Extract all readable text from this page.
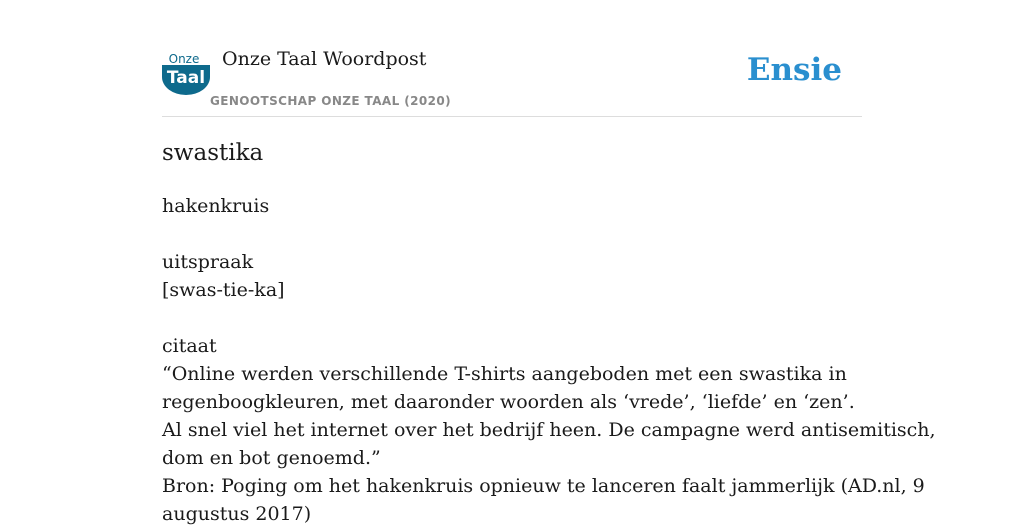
Onze
Taal
Onze Taal Woordpost
GENOOTSCHAP ONZE TAAL (2020)
Ensie
swastika
hakenkruis
uitspraak
[swas-tie-ka]
citaat
“Online werden verschillende T-shirts aangeboden met een swastika in
regenboogkleuren, met daaronder woorden als ‘vrede’, ‘liefde’ en ‘zen’.
Al snel viel het internet over het bedrijf heen. De campagne werd antisemitisch,
dom en bot genoemd.”
Bron: Poging om het hakenkruis opnieuw te lanceren faalt jammerlijk (AD.nl, 9
augustus 2017)
